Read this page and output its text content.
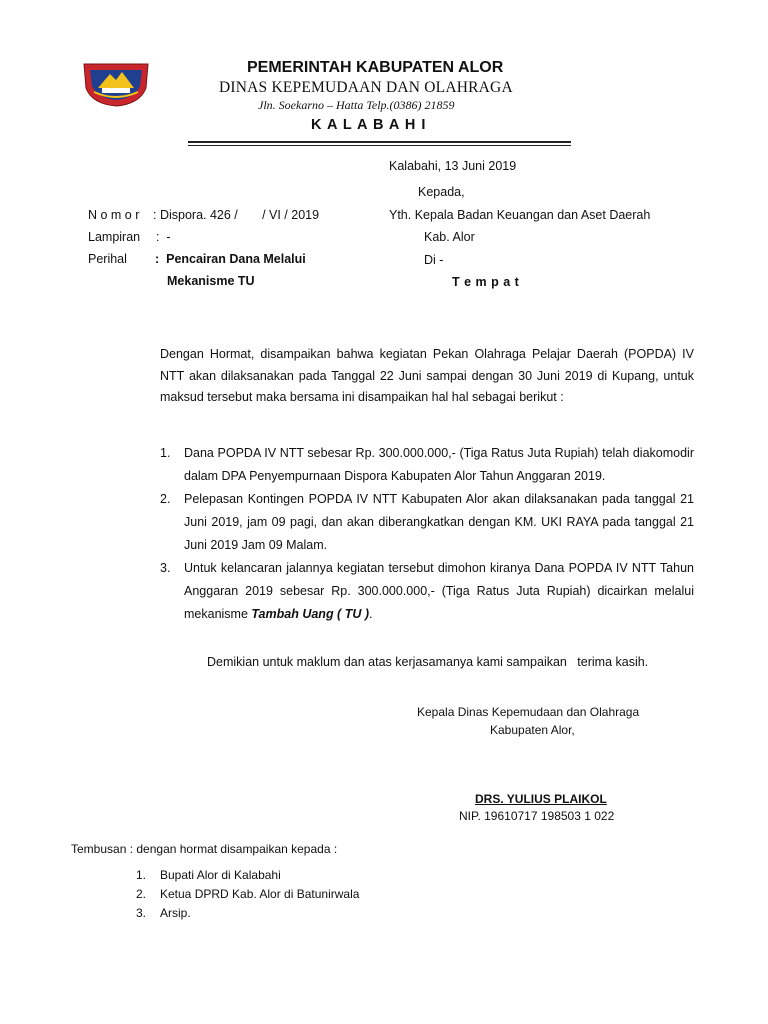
PEMERINTAH KABUPATEN ALOR
DINAS KEPEMUDAAN DAN OLAHRAGA
Jln. Soekarno – Hatta Telp.(0386) 21859
K A L A B A H I
Kalabahi, 13 Juni 2019
Kepada,
Yth. Kepala Badan Keuangan dan Aset Daerah
Kab. Alor
Di -
T e m p a t
N o m o r : Dispora. 426 /       / VI / 2019
Lampiran :  -
Perihal :  Pencairan Dana Melalui
Mekanisme TU
Dengan Hormat, disampaikan bahwa kegiatan Pekan Olahraga Pelajar Daerah (POPDA) IV NTT akan dilaksanakan pada Tanggal 22 Juni sampai dengan 30 Juni 2019 di Kupang, untuk maksud tersebut maka bersama ini disampaikan hal hal sebagai berikut :
1. Dana POPDA IV NTT sebesar Rp. 300.000.000,- (Tiga Ratus Juta Rupiah) telah diakomodir dalam DPA Penyempurnaan Dispora Kabupaten Alor Tahun Anggaran 2019.
2. Pelepasan Kontingen POPDA IV NTT Kabupaten Alor akan dilaksanakan pada tanggal 21 Juni 2019, jam 09 pagi, dan akan diberangkatkan dengan KM. UKI RAYA pada tanggal 21 Juni 2019 Jam 09 Malam.
3. Untuk kelancaran jalannya kegiatan tersebut dimohon kiranya Dana POPDA IV NTT Tahun Anggaran 2019 sebesar Rp. 300.000.000,- (Tiga Ratus Juta Rupiah) dicairkan melalui mekanisme Tambah Uang ( TU ).
Demikian untuk maklum dan atas kerjasamanya kami sampaikan   terima kasih.
Kepala Dinas Kepemudaan dan Olahraga
Kabupaten Alor,
DRS. YULIUS PLAIKOL
NIP. 19610717 198503 1 022
Tembusan : dengan hormat disampaikan kepada :
1. Bupati Alor di Kalabahi
2. Ketua DPRD Kab. Alor di Batunirwala
3. Arsip.
